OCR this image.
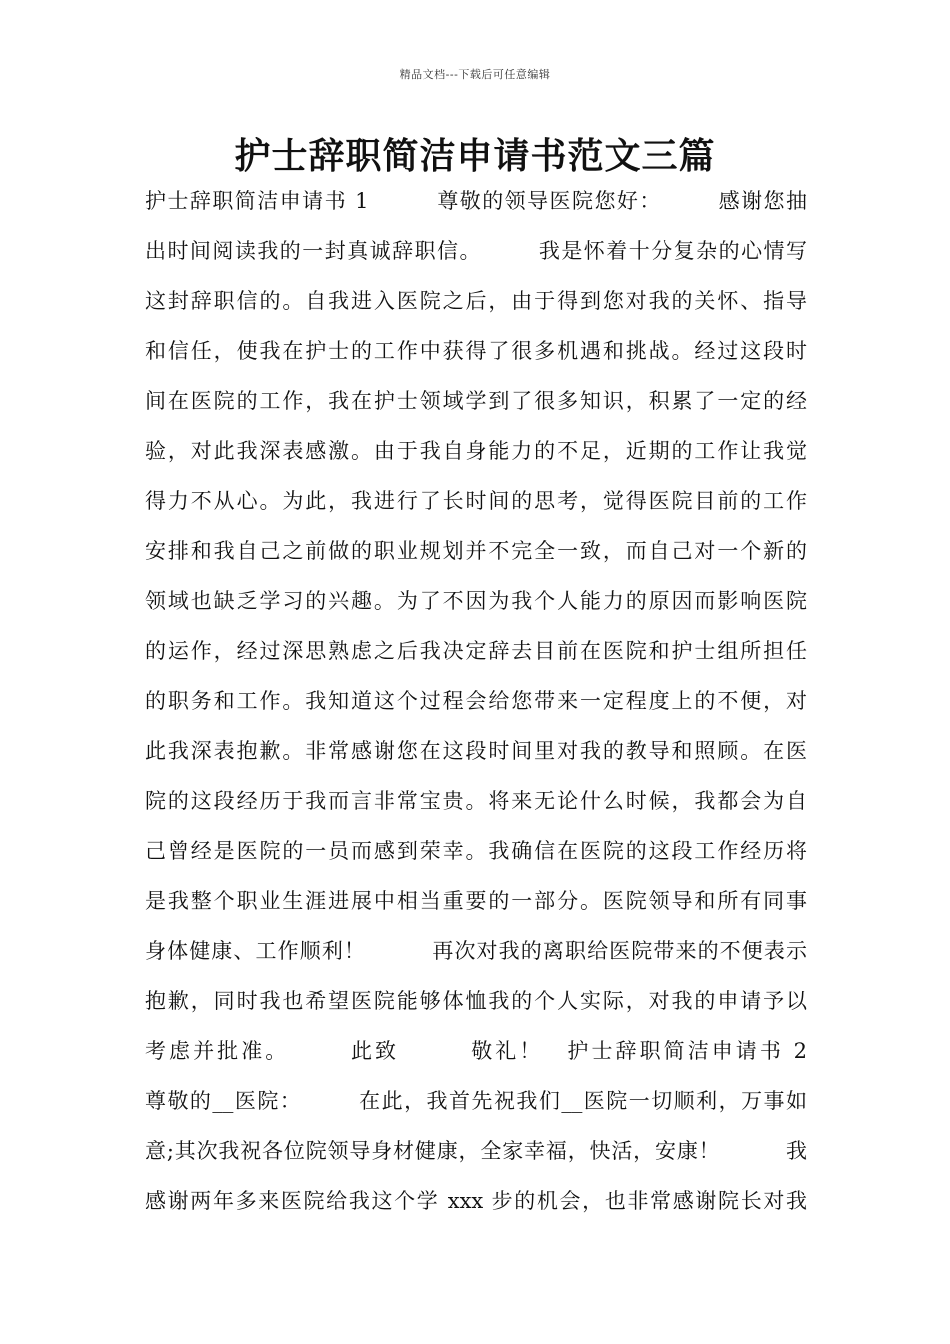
精品文档---下载后可任意编辑
护士辞职简洁申请书范文三篇
护士辞职简洁申请书 1　　　尊敬的领导医院您好：　　　感谢您抽
出时间阅读我的一封真诚辞职信。　　　我是怀着十分复杂的心情写
这封辞职信的。自我进入医院之后，由于得到您对我的关怀、指导
和信任，使我在护士的工作中获得了很多机遇和挑战。经过这段时
间在医院的工作，我在护士领域学到了很多知识，积累了一定的经
验，对此我深表感激。由于我自身能力的不足，近期的工作让我觉
得力不从心。为此，我进行了长时间的思考，觉得医院目前的工作
安排和我自己之前做的职业规划并不完全一致，而自己对一个新的
领域也缺乏学习的兴趣。为了不因为我个人能力的原因而影响医院
的运作，经过深思熟虑之后我决定辞去目前在医院和护士组所担任
的职务和工作。我知道这个过程会给您带来一定程度上的不便，对
此我深表抱歉。非常感谢您在这段时间里对我的教导和照顾。在医
院的这段经历于我而言非常宝贵。将来无论什么时候，我都会为自
己曾经是医院的一员而感到荣幸。我确信在医院的这段工作经历将
是我整个职业生涯进展中相当重要的一部分。医院领导和所有同事
身体健康、工作顺利！　　　再次对我的离职给医院带来的不便表示
抱歉，同时我也希望医院能够体恤我的个人实际，对我的申请予以
考虑并批准。　　　此致　　　敬礼！　护士辞职简洁申请书 2
尊敬的__医院：　　　在此，我首先祝我们__医院一切顺利，万事如
意;其次我祝各位院领导身材健康，全家幸福，快活，安康！　　　我
感谢两年多来医院给我这个学 xxx 步的机会，也非常感谢院长对我
